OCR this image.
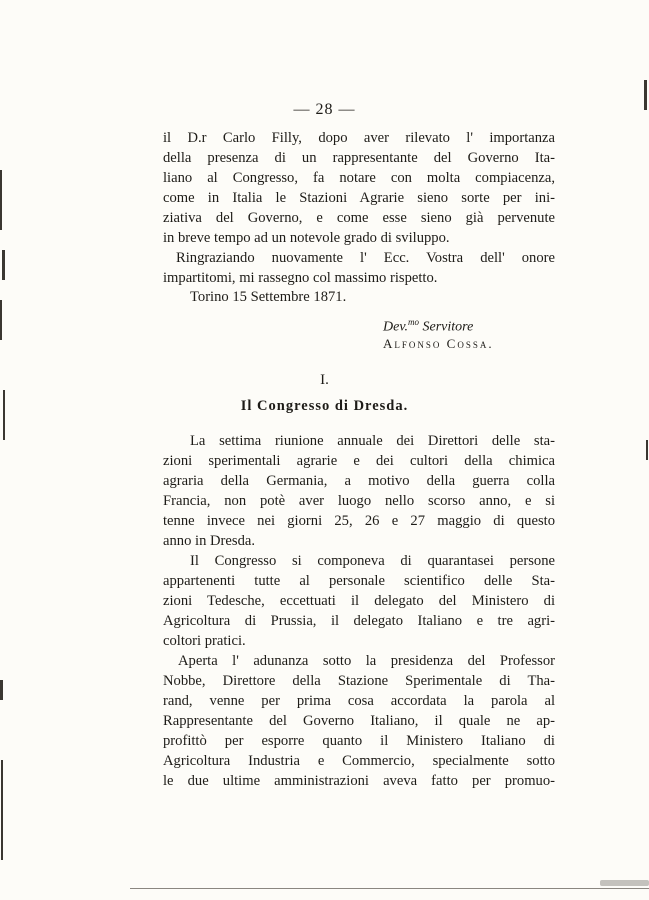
— 28 —
il D.r Carlo Filly, dopo aver rilevato l' importanza
della presenza di un rappresentante del Governo Ita-
liano al Congresso, fa notare con molta compiacenza,
come in Italia le Stazioni Agrarie sieno sorte per ini-
ziativa del Governo, e come esse sieno già pervenute
in breve tempo ad un notevole grado di sviluppo.
Ringraziando nuovamente l' Ecc. Vostra dell' onore
impartitomi, mi rassegno col massimo rispetto.
Torino 15 Settembre 1871.
Dev.$^{mo}$ Servitore
Alfonso Cossa.
I.
Il Congresso di Dresda.
La settima riunione annuale dei Direttori delle sta-
zioni sperimentali agrarie e dei cultori della chimica
agraria della Germania, a motivo della guerra colla
Francia, non potè aver luogo nello scorso anno, e si
tenne invece nei giorni 25, 26 e 27 maggio di questo
anno in Dresda.
Il Congresso si componeva di quarantasei persone
appartenenti tutte al personale scientifico delle Sta-
zioni Tedesche, eccettuati il delegato del Ministero di
Agricoltura di Prussia, il delegato Italiano e tre agri-
coltori pratici.
Aperta l' adunanza sotto la presidenza del Professor
Nobbe, Direttore della Stazione Sperimentale di Tha-
rand, venne per prima cosa accordata la parola al
Rappresentante del Governo Italiano, il quale ne ap-
profittò per esporre quanto il Ministero Italiano di
Agricoltura Industria e Commercio, specialmente sotto
le due ultime amministrazioni aveva fatto per promuo-
